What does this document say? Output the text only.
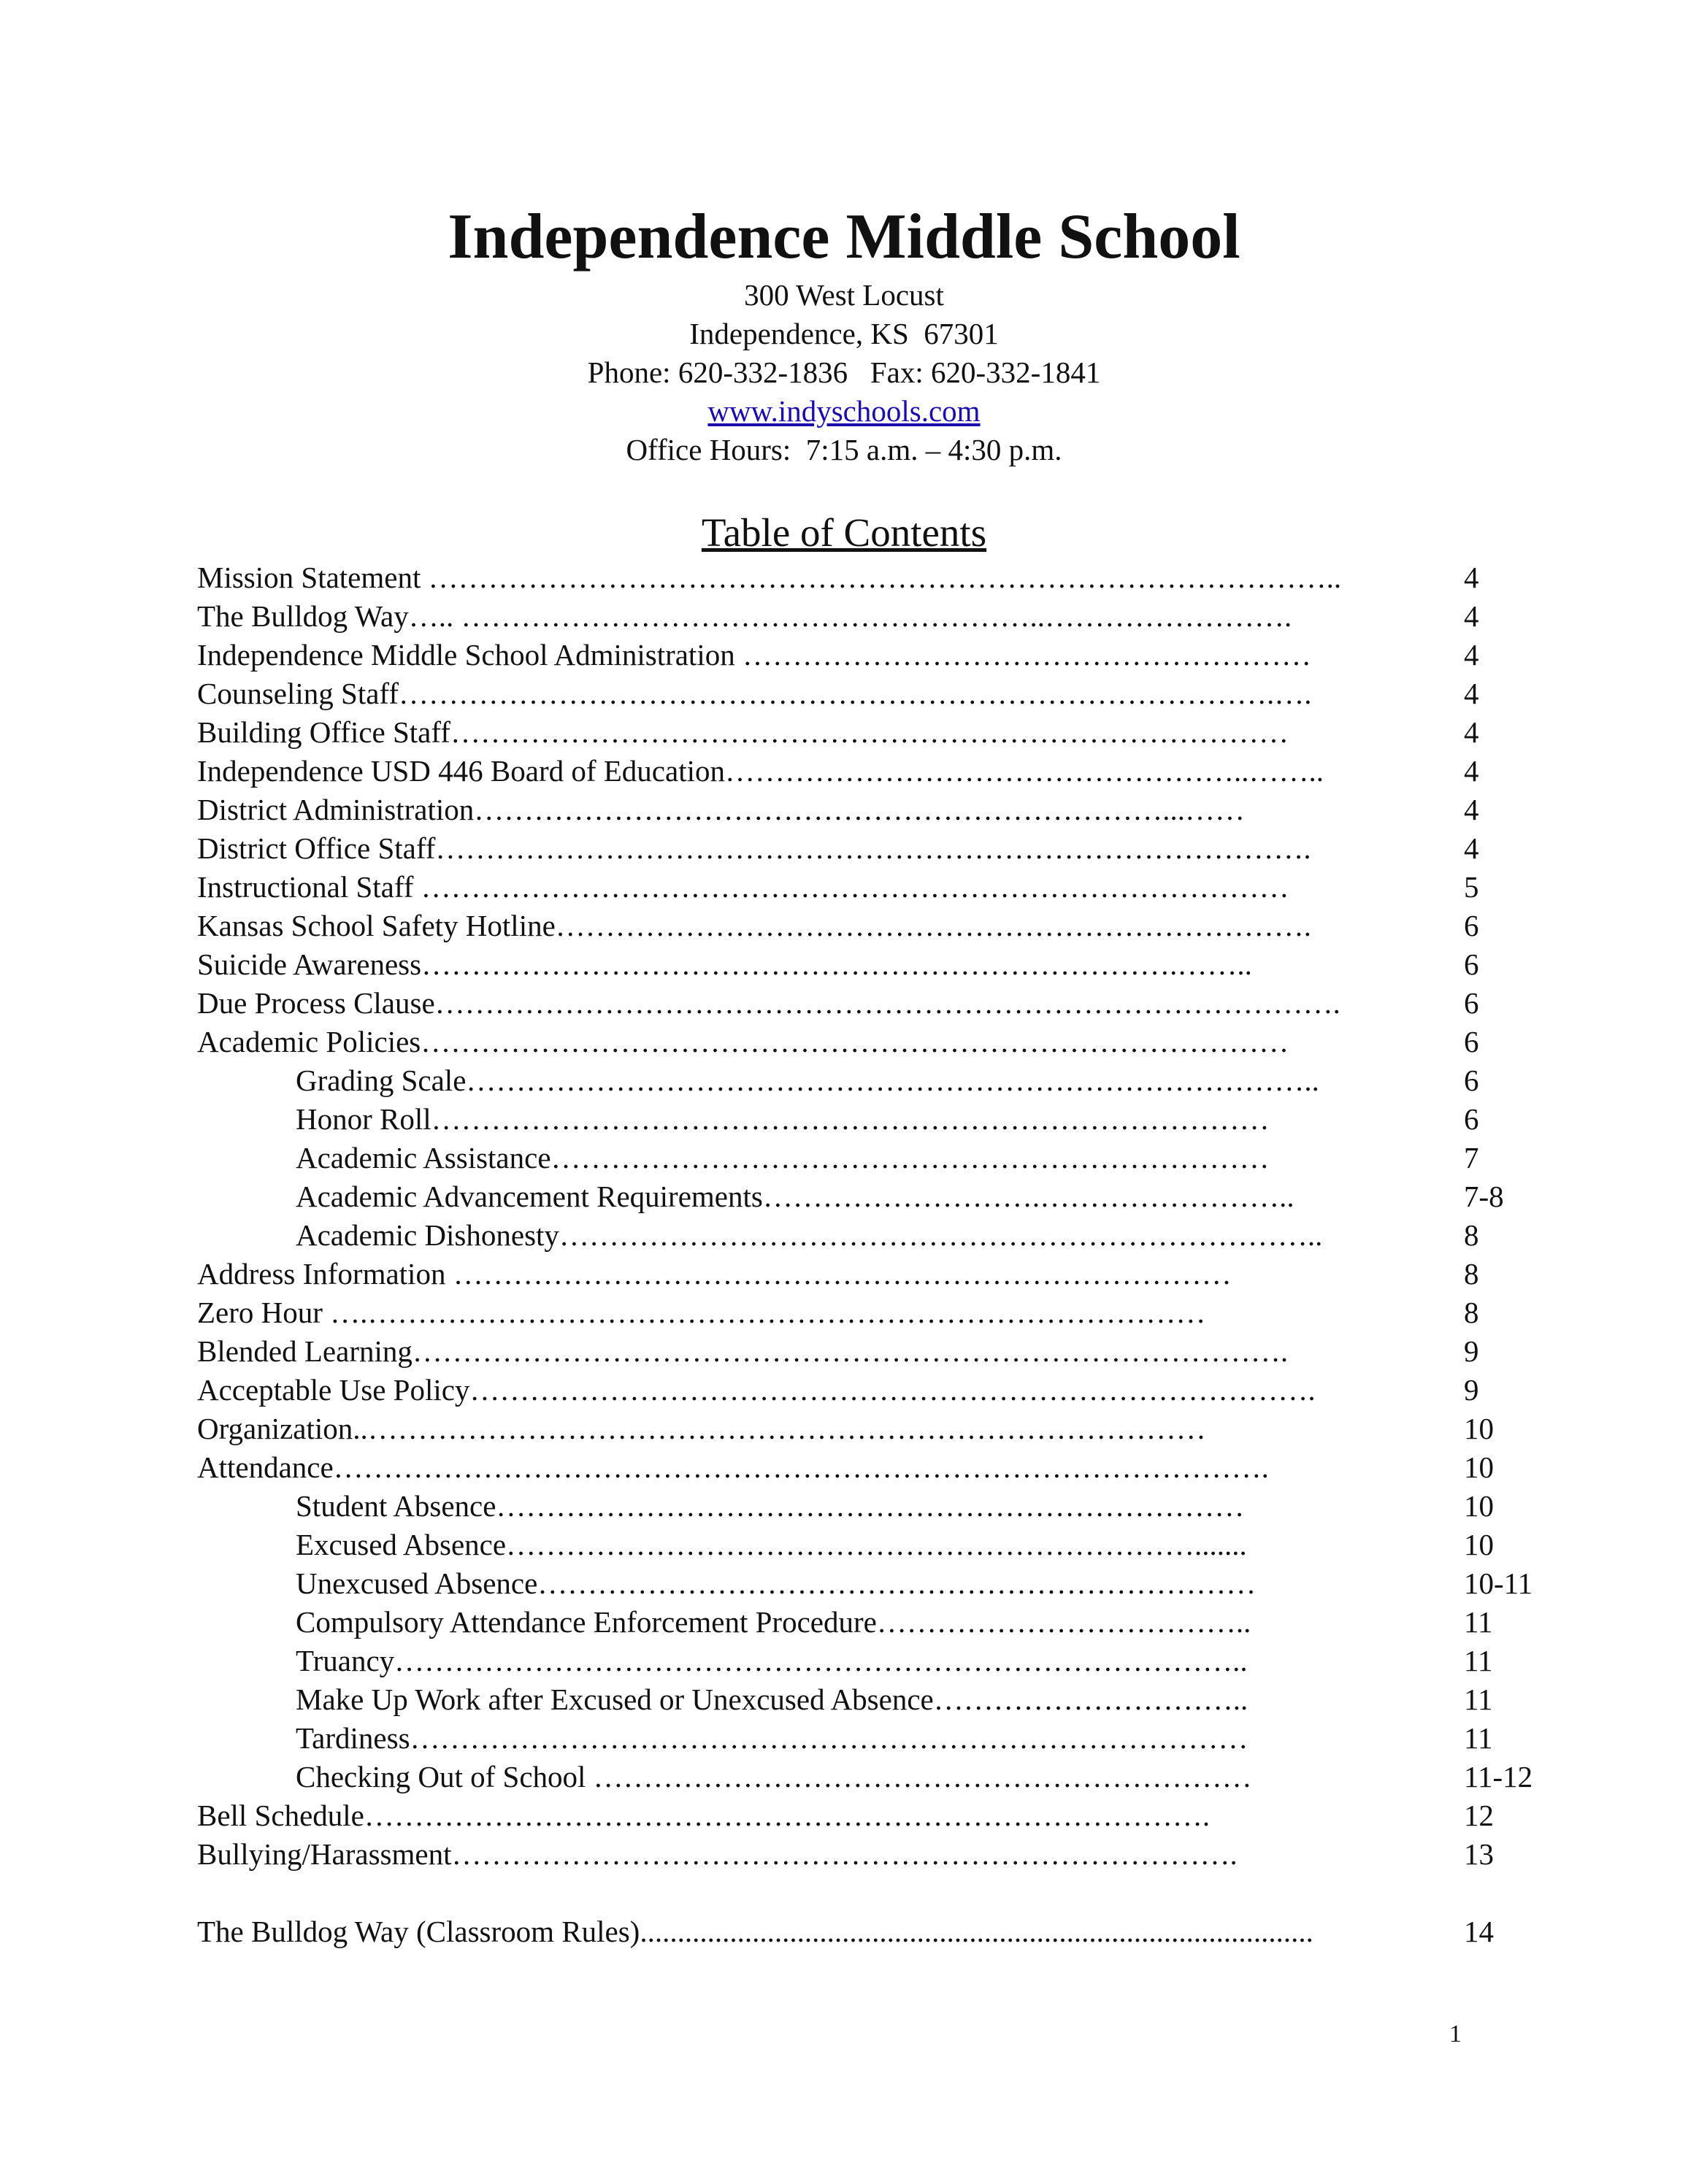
Independence Middle School
300 West Locust
Independence, KS  67301
Phone: 620-332-1836   Fax: 620-332-1841
www.indyschools.com
Office Hours:  7:15 a.m. – 4:30 p.m.
Table of Contents
Mission Statement ………………………………………………………………………………..	4
The Bulldog Way….. …………………………………………………..…………………….	4
Independence Middle School Administration …………………………………………………	4
Counseling Staff…………………………………………………………………………….….	4
Building Office Staff…………………………………………………………………………	4
Independence USD 446 Board of Education……………………………………………..……..	4
District Administration……………………………………………………………...……	4
District Office Staff…………………………………………………………………………….	4
Instructional Staff ……………………………………………………………………………	5
Kansas School Safety Hotline………………………………………………………………….	6
Suicide Awareness………………………………………………………………….……..	6
Due Process Clause……………………………………………………………………………….	6
Academic Policies……………………………………………………………………………	6
Grading Scale…………………………………………………………………………..	6
Honor Roll…………………………………………………………………………	6
Academic Assistance………………………………………………………………	7
Academic Advancement Requirements……………………….……………………..	7-8
Academic Dishonesty…………………………………………………………………..	8
Address Information ……………………………………………………………………	8
Zero Hour ….…………………………………………………………………………	8
Blended Learning…………………………………………………………………………….	9
Acceptable Use Policy………………………………………………………………………….	9
Organization..…………………………………………………………………………	10
Attendance………………………………………………………………………………….	10
Student Absence…………………………………………………………………	10
Excused Absence…………………………………………………………….......	10
Unexcused Absence………………………………………………………………	10-11
Compulsory Attendance Enforcement Procedure………………………………..	11
Truancy…………………………………………………………………………..	11
Make Up Work after Excused or Unexcused Absence…………………………..	11
Tardiness…………………………………………………………………………	11
Checking Out of School …………………………………………………………	11-12
Bell Schedule………………………………………………………………………….	12
Bullying/Harassment…………………………………………………………………….	13
The Bulldog Way (Classroom Rules)..........................................................................................	14
1
